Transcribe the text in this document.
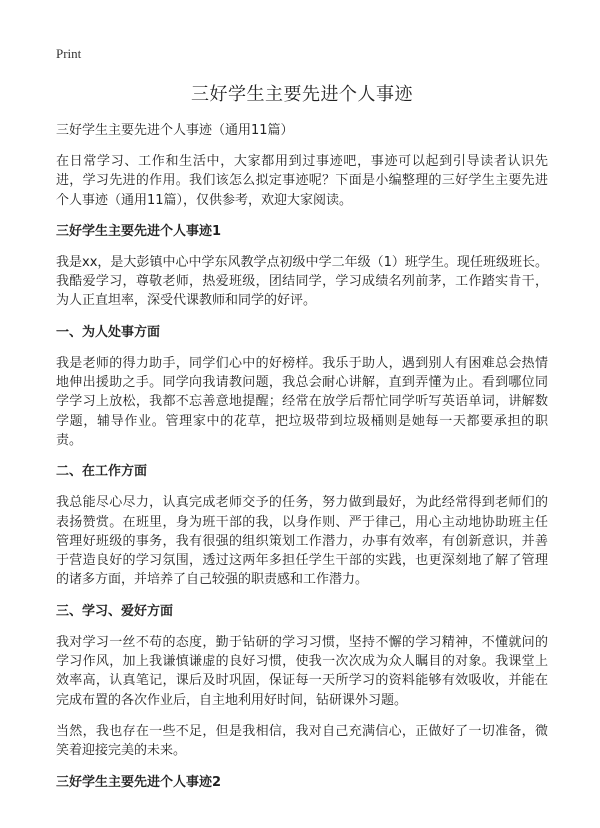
Print
三好学生主要先进个人事迹
三好学生主要先进个人事迹（通用11篇）

在日常学习、工作和生活中，大家都用到过事迹吧，事迹可以起到引导读者认识先进，学习先进的作用。我们该怎么拟定事迹呢？下面是小编整理的三好学生主要先进个人事迹（通用11篇），仅供参考，欢迎大家阅读。

三好学生主要先进个人事迹1

我是xx，是大彭镇中心中学东风教学点初级中学二年级（1）班学生。现任班级班长。我酷爱学习，尊敬老师，热爱班级，团结同学，学习成绩名列前茅，工作踏实肯干，为人正直坦率，深受代课教师和同学的好评。

一、为人处事方面

我是老师的得力助手，同学们心中的好榜样。我乐于助人，遇到别人有困难总会热情地伸出援助之手。同学向我请教问题，我总会耐心讲解，直到弄懂为止。看到哪位同学学习上放松，我都不忘善意地提醒；经常在放学后帮忙同学听写英语单词，讲解数学题，辅导作业。管理家中的花草，把垃圾带到垃圾桶则是她每一天都要承担的职责。

二、在工作方面

我总能尽心尽力，认真完成老师交予的任务，努力做到最好，为此经常得到老师们的表扬赞赏。在班里，身为班干部的我，以身作则、严于律己，用心主动地协助班主任管理好班级的事务，我有很强的组织策划工作潜力，办事有效率，有创新意识，并善于营造良好的学习氛围，透过这两年多担任学生干部的实践，也更深刻地了解了管理的诸多方面，并培养了自己较强的职责感和工作潜力。

三、学习、爱好方面

我对学习一丝不苟的态度，勤于钻研的学习习惯，坚持不懈的学习精神，不懂就问的学习作风，加上我谦慎谦虚的良好习惯，使我一次次成为众人瞩目的对象。我课堂上效率高，认真笔记，课后及时巩固，保证每一天所学习的资料能够有效吸收，并能在完成布置的各次作业后，自主地利用好时间，钻研课外习题。

当然，我也存在一些不足，但是我相信，我对自己充满信心，正做好了一切准备，微笑着迎接完美的未来。

三好学生主要先进个人事迹2
